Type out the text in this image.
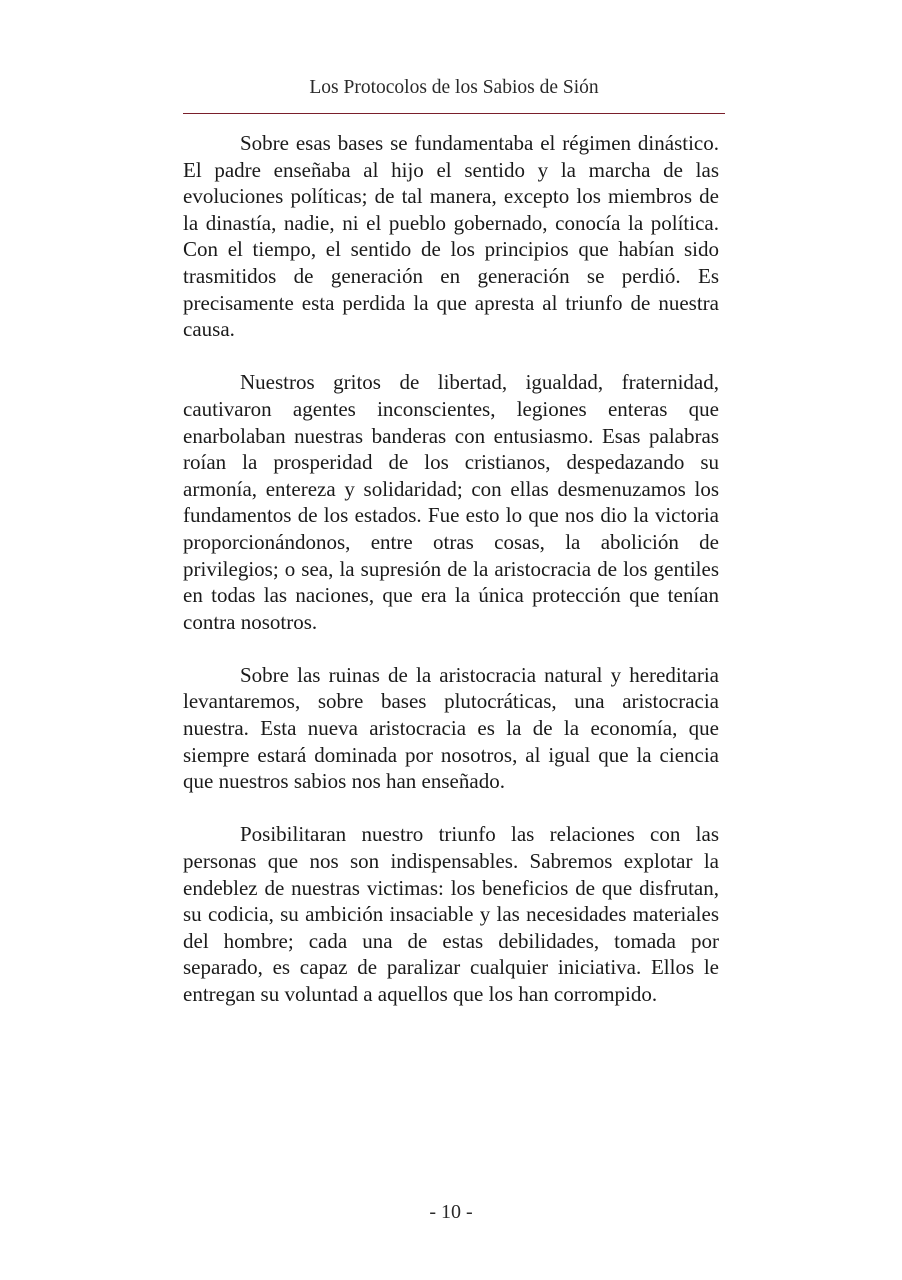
Los Protocolos de los Sabios de Sión

Sobre esas bases se fundamentaba el régimen dinástico. El padre enseñaba al hijo el sentido y la marcha de las evoluciones políticas; de tal manera, excepto los miembros de la dinastía, nadie, ni el pueblo gobernado, conocía la política. Con el tiempo, el sentido de los principios que habían sido trasmitidos de generación en generación se perdió. Es precisamente esta perdida la que apresta al triunfo de nuestra causa.

Nuestros gritos de libertad, igualdad, fraternidad, cautivaron agentes inconscientes, legiones enteras que enarbolaban nuestras banderas con entusiasmo. Esas palabras roían la prosperidad de los cristianos, despedazando su armonía, entereza y solidaridad; con ellas desmenuzamos los fundamentos de los estados. Fue esto lo que nos dio la victoria proporcionándonos, entre otras cosas, la abolición de privilegios; o sea, la supresión de la aristocracia de los gentiles en todas las naciones, que era la única protección que tenían contra nosotros.

Sobre las ruinas de la aristocracia natural y hereditaria levantaremos, sobre bases plutocráticas, una aristocracia nuestra. Esta nueva aristocracia es la de la economía, que siempre estará dominada por nosotros, al igual que la ciencia que nuestros sabios nos han enseñado.

Posibilitaran nuestro triunfo las relaciones con las personas que nos son indispensables. Sabremos explotar la endeblez de nuestras victimas: los beneficios de que disfrutan, su codicia, su ambición insaciable y las necesidades materiales del hombre; cada una de estas debilidades, tomada por separado, es capaz de paralizar cualquier iniciativa. Ellos le entregan su voluntad a aquellos que los han corrompido.

- 10 -
